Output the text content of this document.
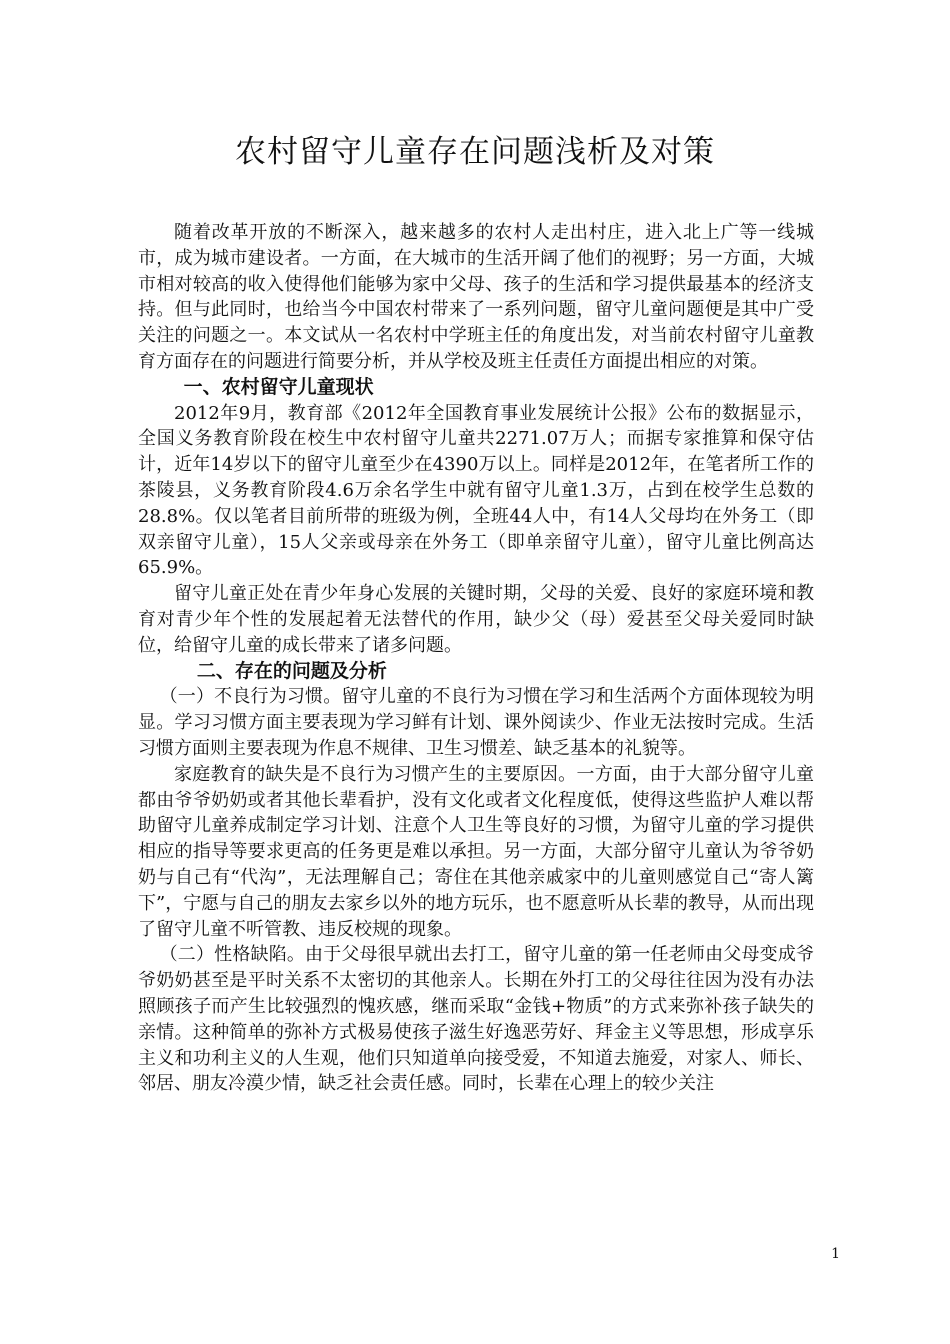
农村留守儿童存在问题浅析及对策

随着改革开放的不断深入，越来越多的农村人走出村庄，进入北上广等一线城市，成为城市建设者。一方面，在大城市的生活开阔了他们的视野；另一方面，大城市相对较高的收入使得他们能够为家中父母、孩子的生活和学习提供最基本的经济支持。但与此同时，也给当今中国农村带来了一系列问题，留守儿童问题便是其中广受关注的问题之一。本文试从一名农村中学班主任的角度出发，对当前农村留守儿童教育方面存在的问题进行简要分析，并从学校及班主任责任方面提出相应的对策。

一、农村留守儿童现状

2012年9月，教育部《2012年全国教育事业发展统计公报》公布的数据显示，全国义务教育阶段在校生中农村留守儿童共2271.07万人；而据专家推算和保守估计，近年14岁以下的留守儿童至少在4390万以上。同样是2012年，在笔者所工作的茶陵县，义务教育阶段4.6万余名学生中就有留守儿童1.3万，占到在校学生总数的28.8%。仅以笔者目前所带的班级为例，全班44人中，有14人父母均在外务工（即双亲留守儿童），15人父亲或母亲在外务工（即单亲留守儿童），留守儿童比例高达65.9%。

留守儿童正处在青少年身心发展的关键时期，父母的关爱、良好的家庭环境和教育对青少年个性的发展起着无法替代的作用，缺少父（母）爱甚至父母关爱同时缺位，给留守儿童的成长带来了诸多问题。

二、存在的问题及分析

（一）不良行为习惯。留守儿童的不良行为习惯在学习和生活两个方面体现较为明显。学习习惯方面主要表现为学习鲜有计划、课外阅读少、作业无法按时完成。生活习惯方面则主要表现为作息不规律、卫生习惯差、缺乏基本的礼貌等。

家庭教育的缺失是不良行为习惯产生的主要原因。一方面，由于大部分留守儿童都由爷爷奶奶或者其他长辈看护，没有文化或者文化程度低，使得这些监护人难以帮助留守儿童养成制定学习计划、注意个人卫生等良好的习惯，为留守儿童的学习提供相应的指导等要求更高的任务更是难以承担。另一方面，大部分留守儿童认为爷爷奶奶与自己有“代沟”，无法理解自己；寄住在其他亲戚家中的儿童则感觉自己“寄人篱下”，宁愿与自己的朋友去家乡以外的地方玩乐，也不愿意听从长辈的教导，从而出现了留守儿童不听管教、违反校规的现象。

（二）性格缺陷。由于父母很早就出去打工，留守儿童的第一任老师由父母变成爷爷奶奶甚至是平时关系不太密切的其他亲人。长期在外打工的父母往往因为没有办法照顾孩子而产生比较强烈的愧疚感，继而采取“金钱+物质”的方式来弥补孩子缺失的亲情。这种简单的弥补方式极易使孩子滋生好逸恶劳好、拜金主义等思想，形成享乐主义和功利主义的人生观，他们只知道单向接受爱，不知道去施爱，对家人、师长、邻居、朋友冷漠少情，缺乏社会责任感。同时，长辈在心理上的较少关注

1
